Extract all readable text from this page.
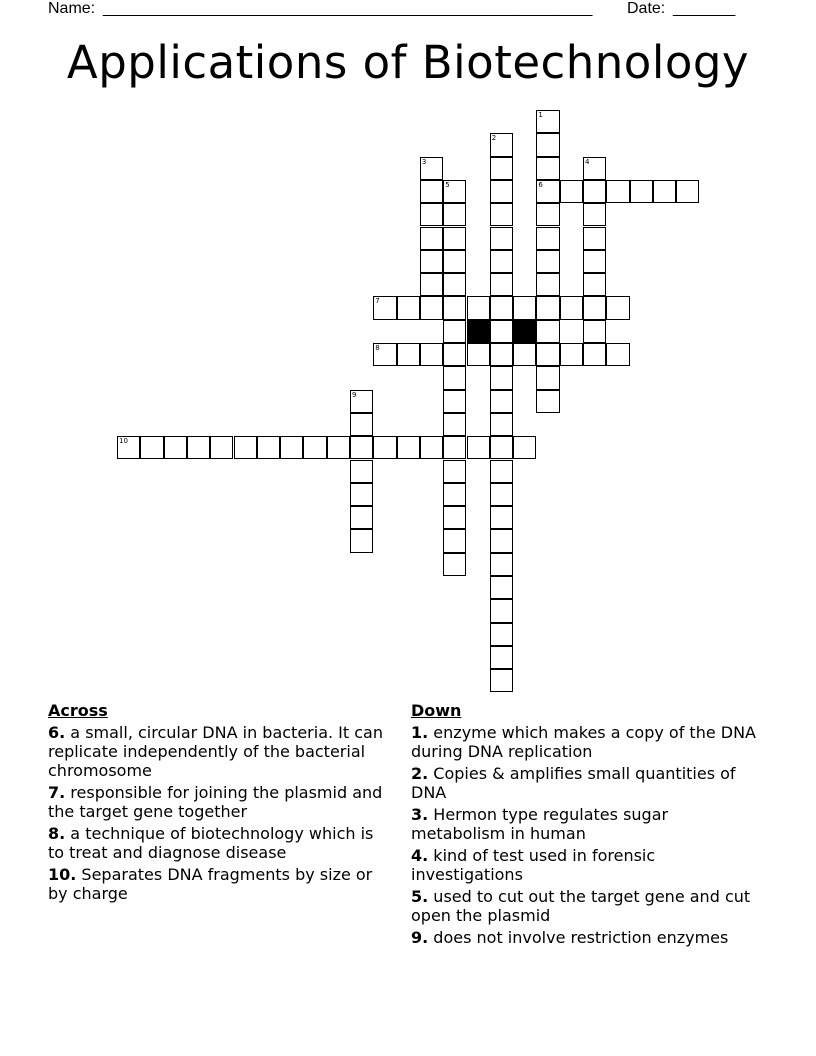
Name: _______________________________________________________ Date: _______
Applications of Biotechnology
1
6
2
3	4
5
7
8
9
10
Across
6. a small, circular DNA in bacteria. It can replicate independently of the bacterial chromosome
7. responsible for joining the plasmid and the target gene together
8. a technique of biotechnology which is to treat and diagnose disease
10. Separates DNA fragments by size or by charge
Down
1. enzyme which makes a copy of the DNA during DNA replication
2. Copies & amplifies small quantities of DNA
3. Hermon type regulates sugar metabolism in human
4. kind of test used in forensic investigations
5. used to cut out the target gene and cut open the plasmid
9. does not involve restriction enzymes
